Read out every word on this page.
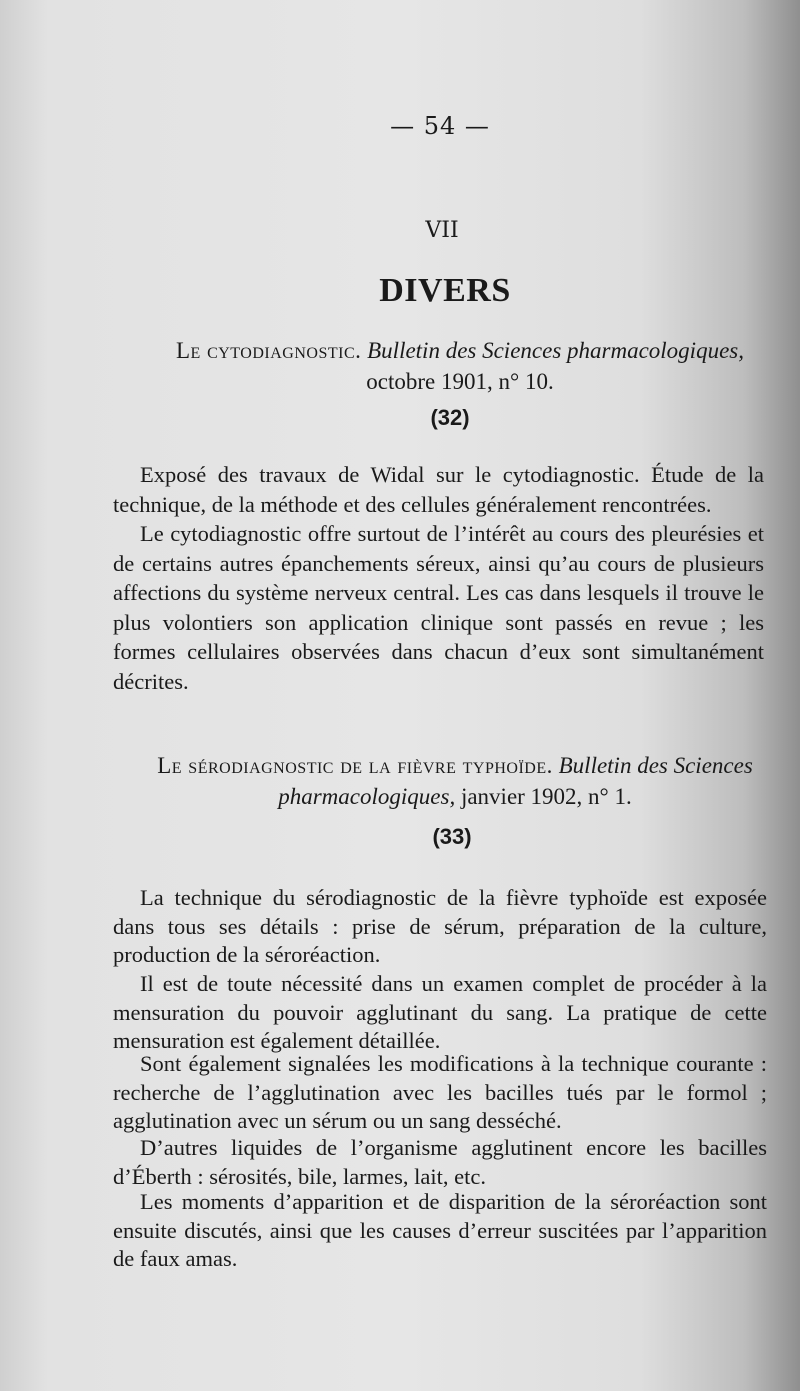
— 54 —
VII
DIVERS
Le cytodiagnostic. Bulletin des Sciences pharmacologiques,
octobre 1901, n° 10.
(32)

Exposé des travaux de Widal sur le cytodiagnostic. Étude de la technique, de la méthode et des cellules généralement rencontrées.

Le cytodiagnostic offre surtout de l’intérêt au cours des pleurésies et de certains autres épanchements séreux, ainsi qu’au cours de plusieurs affections du système nerveux central. Les cas dans lesquels il trouve le plus volontiers son application clinique sont passés en revue ; les formes cellulaires observées dans chacun d’eux sont simultanément décrites.

Le sérodiagnostic de la fièvre typhoïde. Bulletin des Sciences
pharmacologiques, janvier 1902, n° 1.
(33)

La technique du sérodiagnostic de la fièvre typhoïde est exposée dans tous ses détails : prise de sérum, préparation de la culture, production de la séroréaction.

Il est de toute nécessité dans un examen complet de procéder à la mensuration du pouvoir agglutinant du sang. La pratique de cette mensuration est également détaillée.

Sont également signalées les modifications à la technique courante : recherche de l’agglutination avec les bacilles tués par le formol ; agglutination avec un sérum ou un sang desséché.

D’autres liquides de l’organisme agglutinent encore les bacilles d’Éberth : sérosités, bile, larmes, lait, etc.

Les moments d’apparition et de disparition de la séroréaction sont ensuite discutés, ainsi que les causes d’erreur suscitées par l’apparition de faux amas.
